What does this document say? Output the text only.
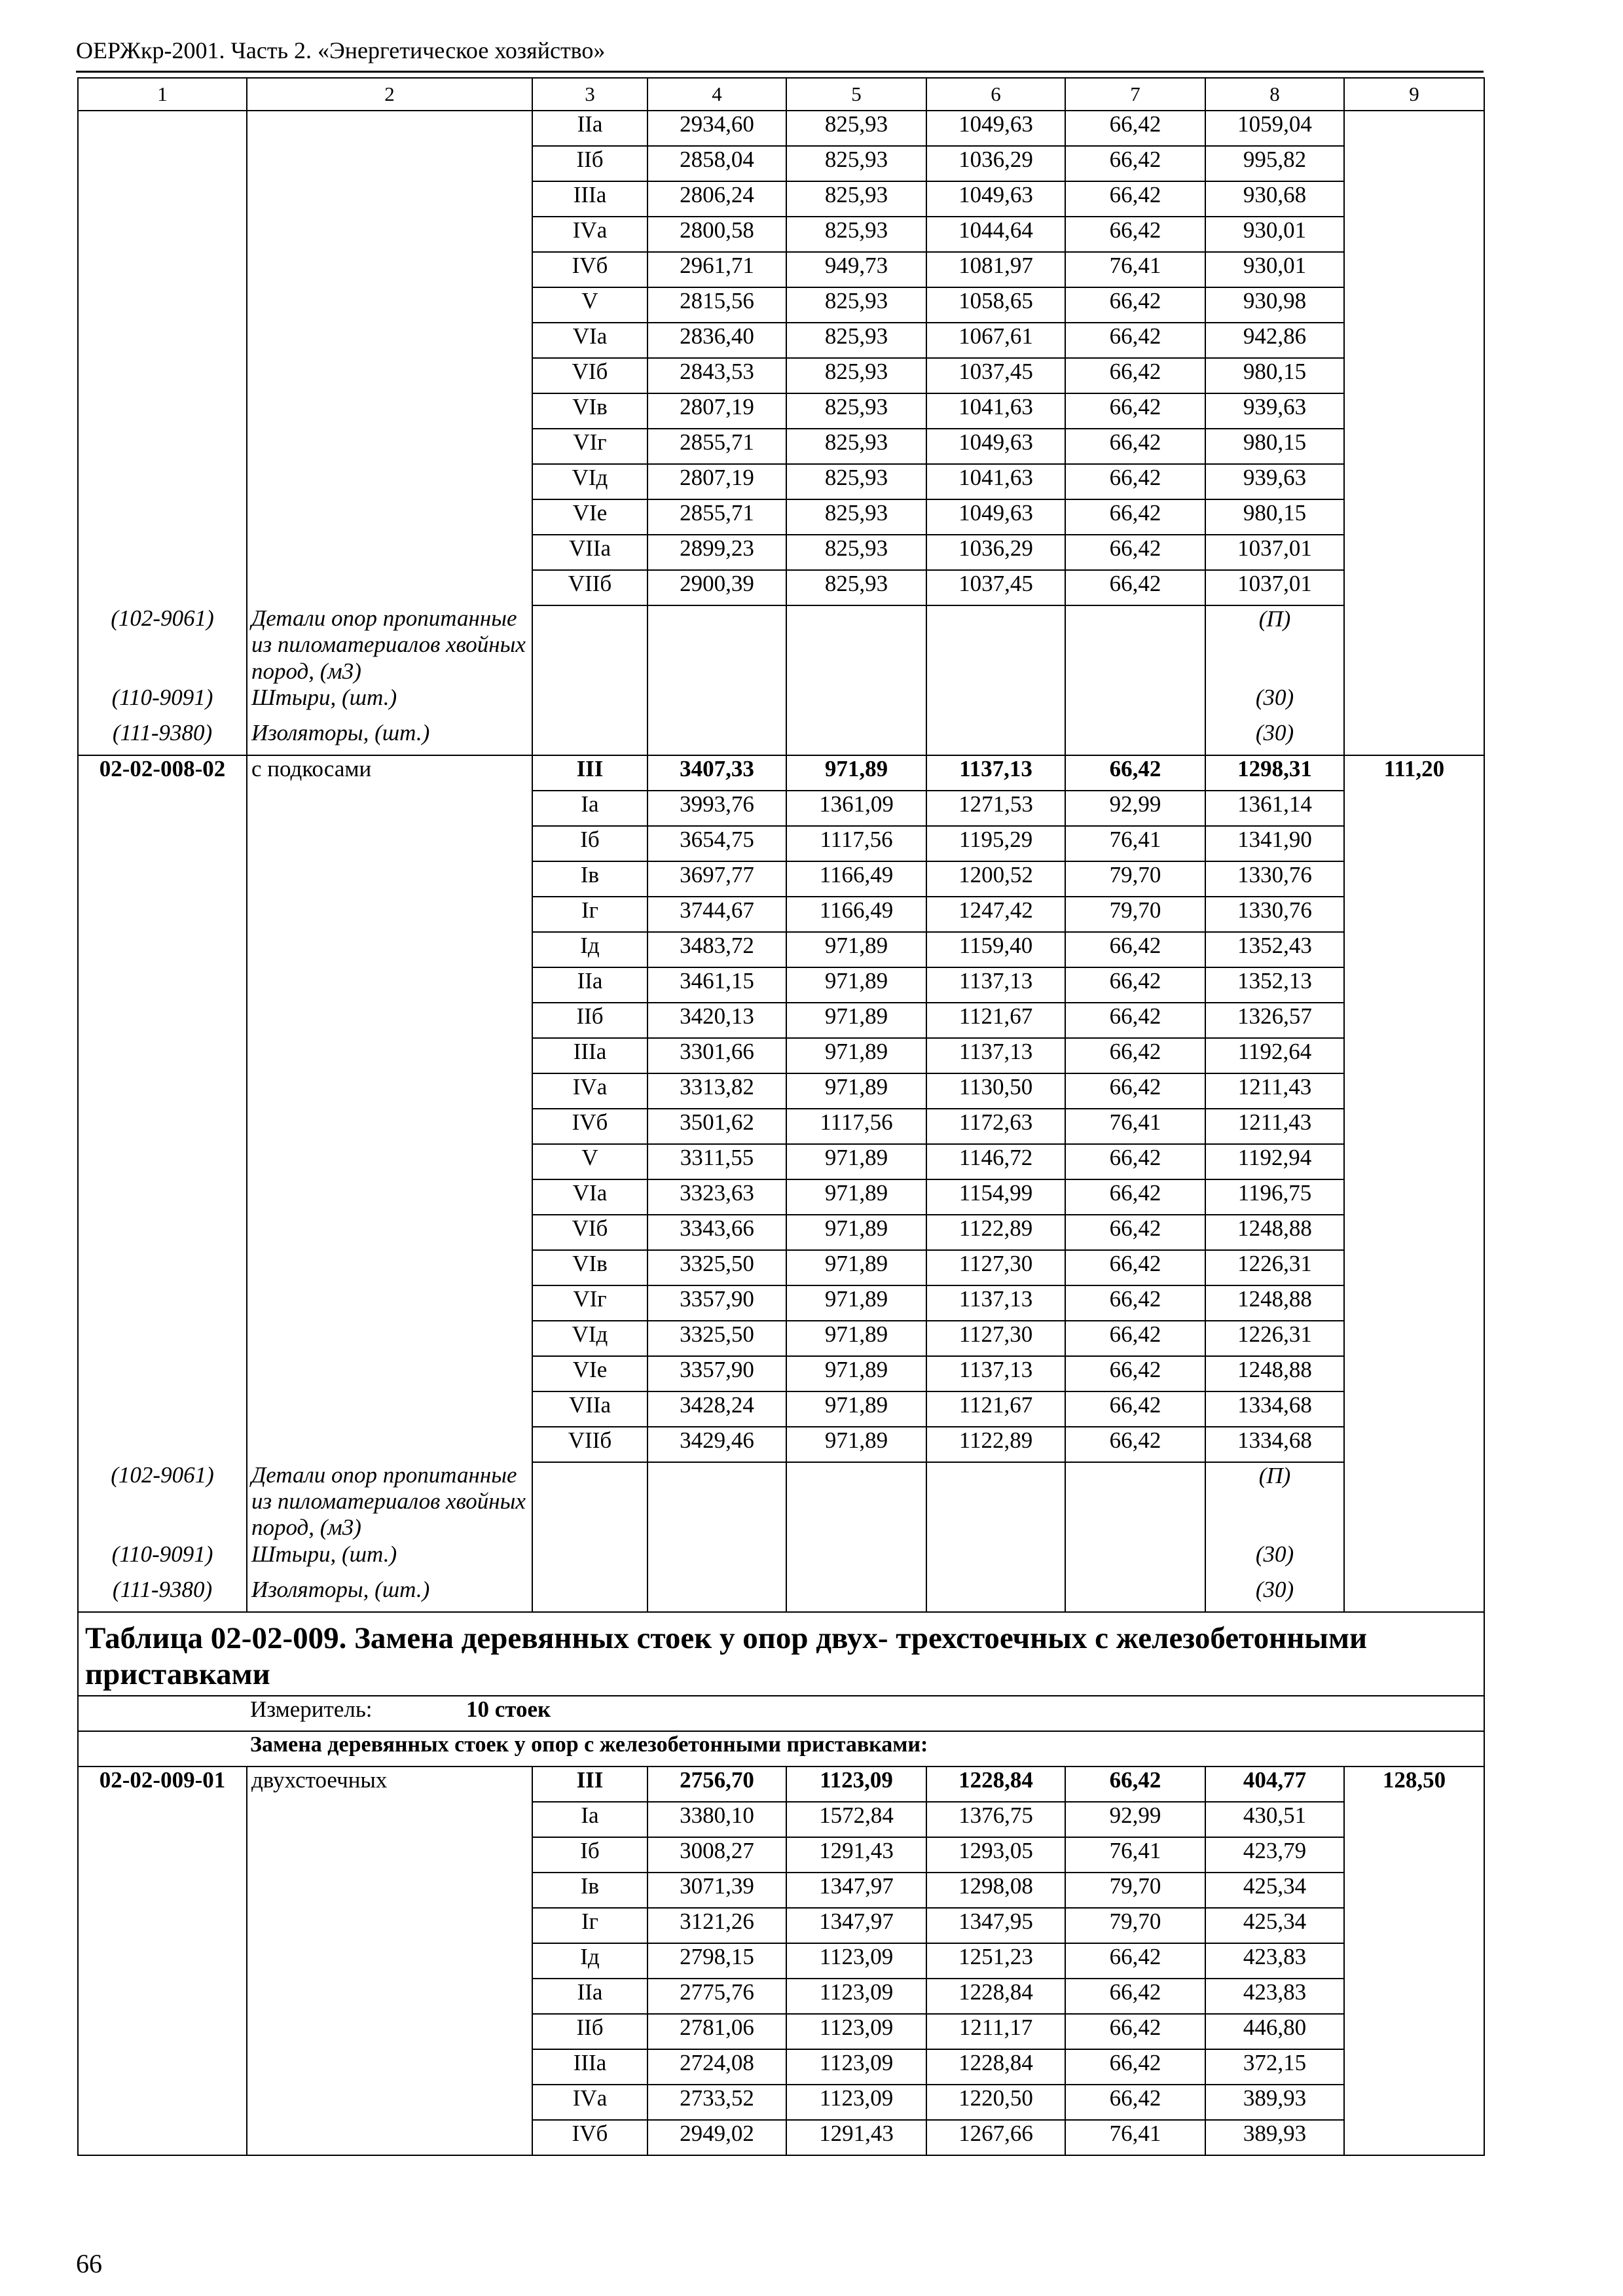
ОЕРЖкр-2001. Часть 2. «Энергетическое хозяйство»
1	2	3	4	5	6	7	8	9
		IIа	2934,60	825,93	1049,63	66,42	1059,04	
		IIб	2858,04	825,93	1036,29	66,42	995,82	
		IIIа	2806,24	825,93	1049,63	66,42	930,68	
		IVа	2800,58	825,93	1044,64	66,42	930,01	
		IVб	2961,71	949,73	1081,97	76,41	930,01	
		V	2815,56	825,93	1058,65	66,42	930,98	
		VIа	2836,40	825,93	1067,61	66,42	942,86	
		VIб	2843,53	825,93	1037,45	66,42	980,15	
		VIв	2807,19	825,93	1041,63	66,42	939,63	
		VIг	2855,71	825,93	1049,63	66,42	980,15	
		VIд	2807,19	825,93	1041,63	66,42	939,63	
		VIе	2855,71	825,93	1049,63	66,42	980,15	
		VIIа	2899,23	825,93	1036,29	66,42	1037,01	
		VIIб	2900,39	825,93	1037,45	66,42	1037,01	
(102-9061)	Детали опор пропитанные из пиломатериалов хвойных пород, (м3)						(П)	
(110-9091)	Штыри, (шт.)						(30)	
(111-9380)	Изоляторы, (шт.)						(30)	
02-02-008-02	с подкосами	III	3407,33	971,89	1137,13	66,42	1298,31	111,20
		Iа	3993,76	1361,09	1271,53	92,99	1361,14	
		Iб	3654,75	1117,56	1195,29	76,41	1341,90	
		Iв	3697,77	1166,49	1200,52	79,70	1330,76	
		Iг	3744,67	1166,49	1247,42	79,70	1330,76	
		Iд	3483,72	971,89	1159,40	66,42	1352,43	
		IIа	3461,15	971,89	1137,13	66,42	1352,13	
		IIб	3420,13	971,89	1121,67	66,42	1326,57	
		IIIа	3301,66	971,89	1137,13	66,42	1192,64	
		IVа	3313,82	971,89	1130,50	66,42	1211,43	
		IVб	3501,62	1117,56	1172,63	76,41	1211,43	
		V	3311,55	971,89	1146,72	66,42	1192,94	
		VIа	3323,63	971,89	1154,99	66,42	1196,75	
		VIб	3343,66	971,89	1122,89	66,42	1248,88	
		VIв	3325,50	971,89	1127,30	66,42	1226,31	
		VIг	3357,90	971,89	1137,13	66,42	1248,88	
		VIд	3325,50	971,89	1127,30	66,42	1226,31	
		VIе	3357,90	971,89	1137,13	66,42	1248,88	
		VIIа	3428,24	971,89	1121,67	66,42	1334,68	
		VIIб	3429,46	971,89	1122,89	66,42	1334,68	
(102-9061)	Детали опор пропитанные из пиломатериалов хвойных пород, (м3)						(П)	
(110-9091)	Штыри, (шт.)						(30)	
(111-9380)	Изоляторы, (шт.)						(30)	
Таблица 02-02-009. Замена деревянных стоек у опор двух- трехстоечных с железобетонными приставками								
Измеритель: 10 стоек								
Замена деревянных стоек у опор с железобетонными приставками:								
02-02-009-01	двухстоечных	III	2756,70	1123,09	1228,84	66,42	404,77	128,50
		Iа	3380,10	1572,84	1376,75	92,99	430,51	
		Iб	3008,27	1291,43	1293,05	76,41	423,79	
		Iв	3071,39	1347,97	1298,08	79,70	425,34	
		Iг	3121,26	1347,97	1347,95	79,70	425,34	
		Iд	2798,15	1123,09	1251,23	66,42	423,83	
		IIа	2775,76	1123,09	1228,84	66,42	423,83	
		IIб	2781,06	1123,09	1211,17	66,42	446,80	
		IIIа	2724,08	1123,09	1228,84	66,42	372,15	
		IVа	2733,52	1123,09	1220,50	66,42	389,93	
		IVб	2949,02	1291,43	1267,66	76,41	389,93	
66
